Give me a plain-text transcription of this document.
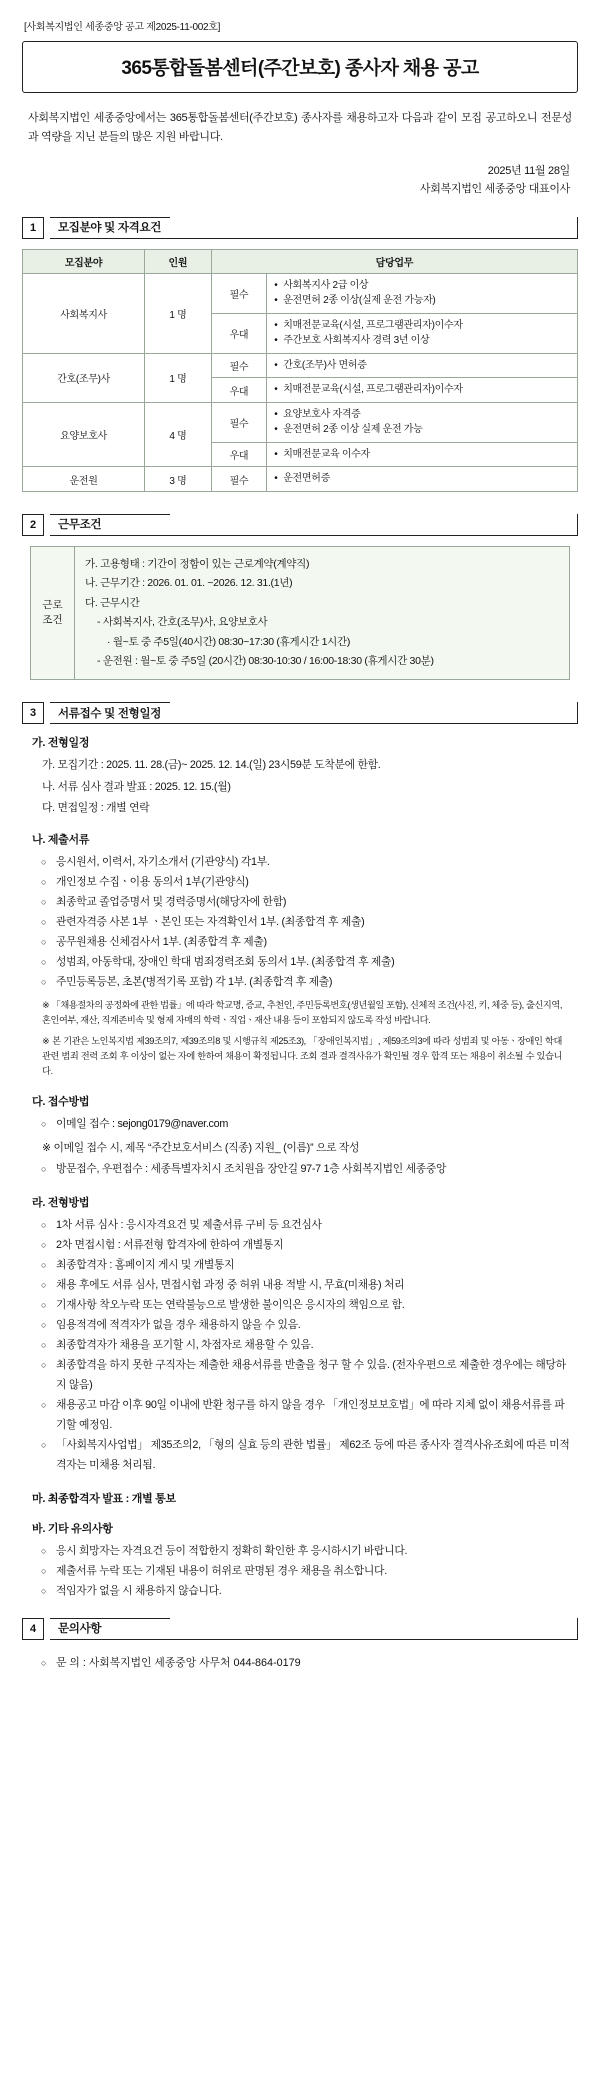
[사회복지법인 세종중앙 공고 제2025-11-002호]
365통합돌봄센터(주간보호) 종사자 채용 공고

사회복지법인 세종중앙에서는 365통합돌봄센터(주간보호) 종사자를 채용하고자 다음과 같이 모집 공고하오니 전문성과 역량을 지닌 분들의 많은 지원 바랍니다.

2025년 11월 28일
사회복지법인 세종중앙 대표이사
1	모집분야 및 자격요건
모집분야	인원	담당업무	
사회복지사	1 명	필수	
• 사회복지사 2급 이상
• 운전면허 2종 이상(실제 운전 가능자)

우대	
• 치매전문교육(시설, 프로그램관리자)이수자
• 주간보호 사회복지사 경력 3년 이상

간호(조무)사	1 명	필수	
•간호(조무)사 면허증

우대	
•치매전문교육(시설, 프로그램관리자)이수자

요양보호사	4 명	필수	
• 요양보호사 자격증
• 운전면허 2종 이상 실제 운전 가능

우대	
•치매전문교육 이수자

운전원	3 명	필수	
•운전면허증
2	근무조건
근로
조건
가. 고용형태 : 기간이 정함이 있는 근로계약(계약직)
나. 근무기간 : 2026. 01. 01. ~2026. 12. 31.(1년)
다. 근무시간
- 사회복지사, 간호(조무)사, 요양보호사
· 월~토 중 주5일(40시간) 08:30~17:30 (휴게시간 1시간)
- 운전원 : 월~토 중 주5일 (20시간) 08:30-10:30 / 16:00-18:30 (휴게시간 30분)
3	서류접수 및 전형일정
가. 전형일정
가. 모집기간 : 2025. 11. 28.(금)~ 2025. 12. 14.(일) 23시59분 도착분에 한함.
나. 서류 심사 결과 발표 : 2025. 12. 15.(월)
다. 면접일정 : 개별 연락
나. 제출서류
○ 응시원서, 이력서, 자기소개서 (기관양식) 각1부.
○ 개인정보 수집ㆍ이용 동의서 1부(기관양식)
○ 최종학교 졸업증명서 및 경력증명서(해당자에 한함)
○ 관련자격증 사본 1부 ㆍ본인 또는 자격확인서 1부. (최종합격 후 제출)
○ 공무원채용 신체검사서 1부. (최종합격 후 제출)
○ 성범죄, 아동학대, 장애인 학대 범죄경력조회 동의서 1부. (최종합격 후 제출)
○ 주민등록등본, 초본(병적기록 포함) 각 1부. (최종합격 후 제출)
※ 「채용절차의 공정화에 관한 법률」에 따라 학교명, 증교, 추천인, 주민등록번호(생년월일 포함), 신체적 조건(사진, 키, 체중 등), 출신지역, 혼인여부, 재산, 직계존비속 및 형제 자매의 학력ㆍ직업ㆍ재산 내용 등이 포함되지 않도록 작성 바랍니다.
※ 본 기관은 노인복지법 제39조의7, 제39조의8 및 시행규칙 제25조3), 「장애인복지법」, 제59조의3에 따라 성범죄 및 아동ㆍ장애인 학대 관련 범죄 전력 조회 후 이상이 없는 자에 한하여 채용이 확정됩니다. 조회 결과 결격사유가 확인될 경우 합격 또는 채용이 취소될 수 있습니다.
다. 접수방법
○ 이메일 접수 : sejong0179@naver.com
※ 이메일 접수 시, 제목 “주간보호서비스 (직종) 지원_ (이름)” 으로 작성
○ 방문접수, 우편접수 : 세종특별자치시 조치원읍 장안길 97-7 1층 사회복지법인 세종중앙
라. 전형방법
○ 1차 서류 심사 : 응시자격요건 및 제출서류 구비 등 요건심사
○ 2차 면접시험 : 서류전형 합격자에 한하여 개별통지
○ 최종합격자 : 홈페이지 게시 및 개별통지
○ 채용 후에도 서류 심사, 면접시험 과정 중 허위 내용 적발 시, 무효(미채용) 처리
○ 기재사항 착오누락 또는 연락불능으로 발생한 불이익은 응시자의 책임으로 함.
○ 임용적격에 적격자가 없을 경우 채용하지 않을 수 있음.
○ 최종합격자가 채용을 포기할 시, 차점자로 채용할 수 있음.
○ 최종합격을 하지 못한 구직자는 제출한 채용서류를 반출을 청구 할 수 있음. (전자우편으로 제출한 경우에는 해당하지 않음)
○ 채용공고 마감 이후 90일 이내에 반환 청구를 하지 않을 경우 「개인정보보호법」에 따라 지체 없이 채용서류를 파기할 예정임.
○ 「사회복지사업법」 제35조의2, 「형의 실효 등의 관한 법률」 제62조 등에 따른 종사자 결격사유조회에 따른 미적격자는 미채용 처리됨.
마. 최종합격자 발표 : 개별 통보
바. 기타 유의사항
○ 응시 희망자는 자격요건 등이 적합한지 정확히 확인한 후 응시하시기 바랍니다.
○ 제출서류 누락 또는 기재된 내용이 허위로 판명된 경우 채용을 취소합니다.
○ 적임자가 없을 시 채용하지 않습니다.
4	문의사항
○ 문 의 : 사회복지법인 세종중앙 사무처 044-864-0179
